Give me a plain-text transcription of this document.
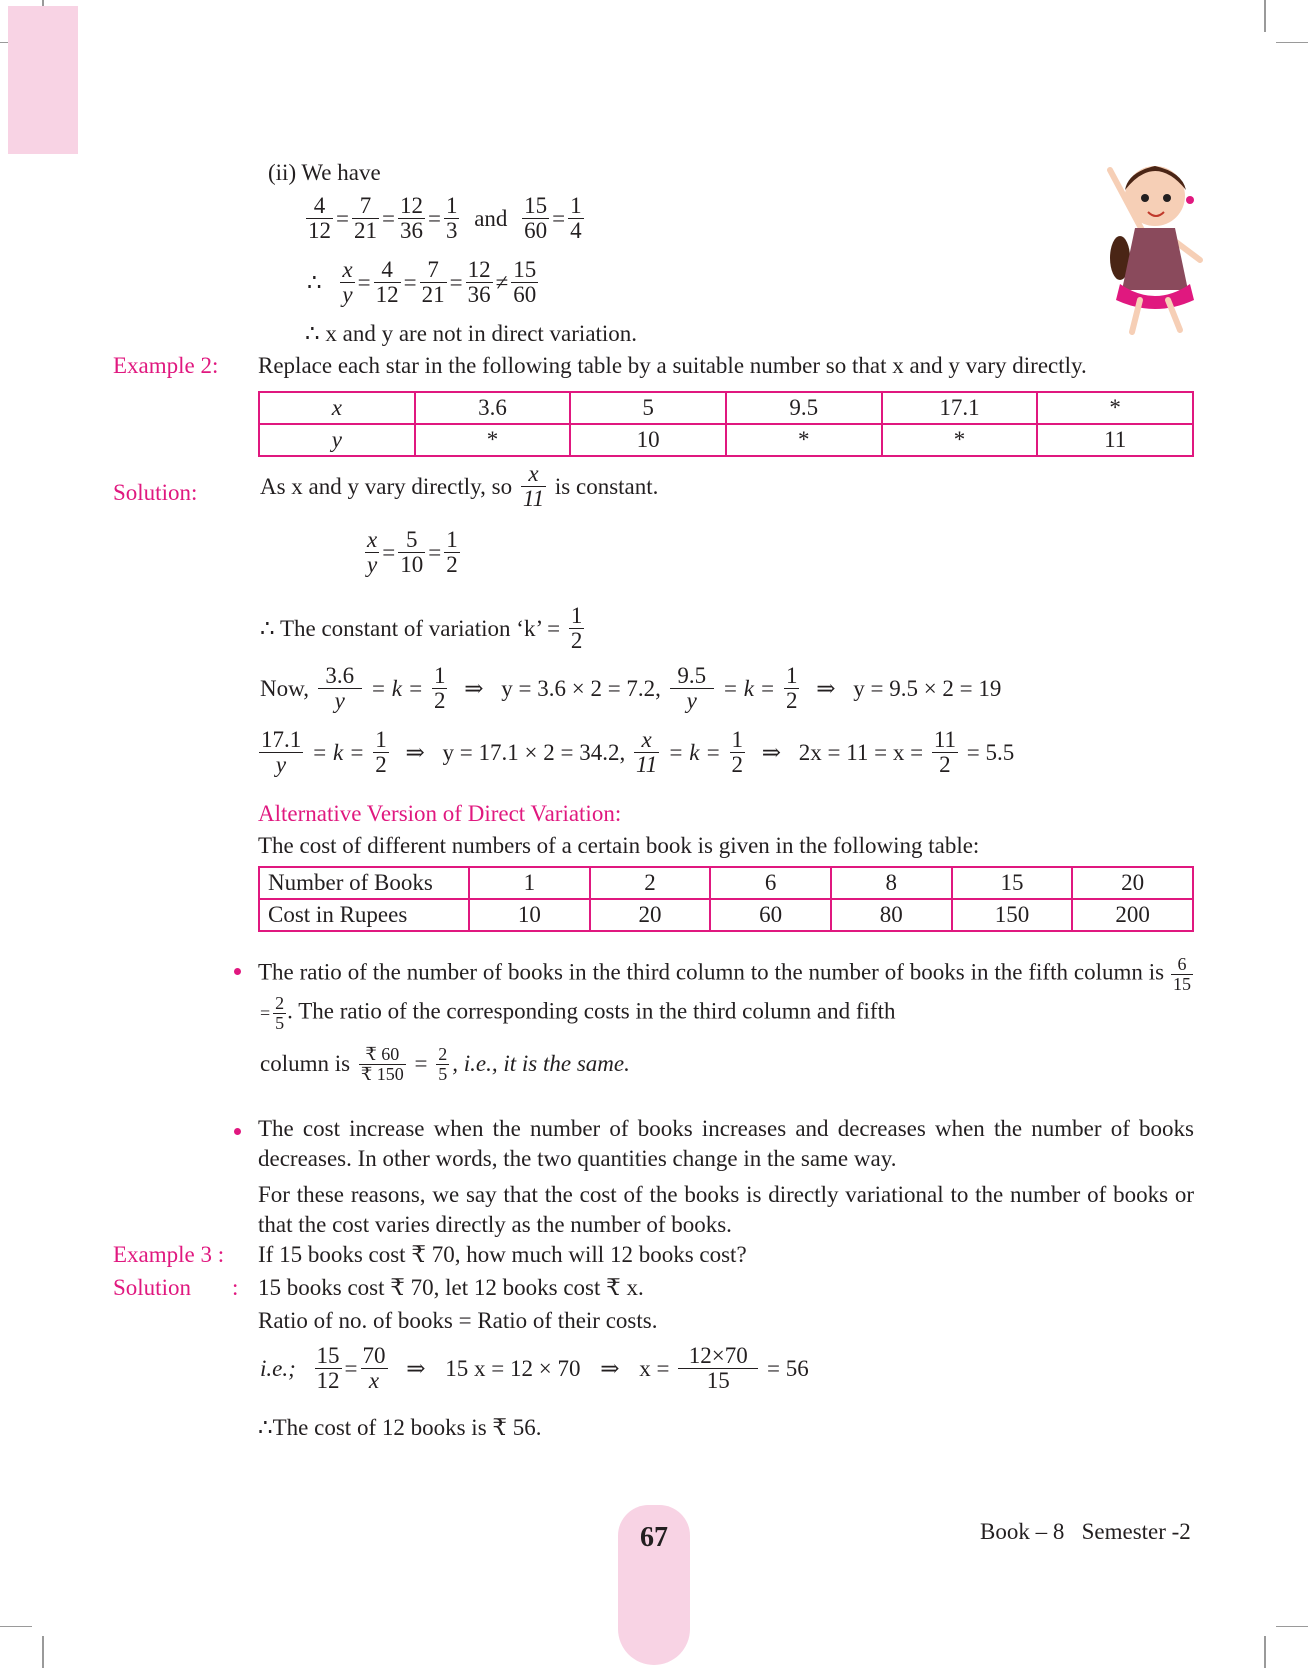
(ii) We have
$\frac{4}{12} = \frac{7}{21} = \frac{12}{36} = \frac{1}{3}$ and $\frac{15}{60} = \frac{1}{4}$
∴ $\frac{x}{y} = \frac{4}{12} = \frac{7}{21} = \frac{12}{36} \ne \frac{15}{60}$
∴ x and y are not in direct variation.
Example 2: Replace each star in the following table by a suitable number so that x and y vary directly.
x	3.6	5	9.5	17.1	*
y	*	10	*	*	11
Solution:	As x and y vary directly, so $\frac{x}{11}$ is constant.
$\frac{x}{y} = \frac{5}{10} = \frac{1}{2}$
∴ The constant of variation ‘k’ = $\frac{1}{2}$
Now, $\frac{3.6}{y} = k = \frac{1}{2}$ ⇒ y = 3.6 × 2 = 7.2, $\frac{9.5}{y} = k = \frac{1}{2}$ ⇒ y = 9.5 × 2 = 19
$\frac{17.1}{y} = k = \frac{1}{2}$ ⇒ y = 17.1 × 2 = 34.2, $\frac{x}{11} = k = \frac{1}{2}$ ⇒ $2x = 11 = x = \frac{11}{2} = 5.5$
Alternative Version of Direct Variation:
The cost of different numbers of a certain book is given in the following table:
Number of Books	1	2	6	8	15	20
Cost in Rupees	10	20	60	80	150	200
The ratio of the number of books in the third column to the number of books in the fifth column is $\frac{6}{15}$
= $\frac{2}{5}$ . The ratio of the corresponding costs in the third column and fifth
column is $\frac{₹ 60}{₹ 150} = \frac{2}{5}$ , i.e., it is the same.
The cost increase when the number of books increases and decreases when the number of books decreases. In other words, the two quantities change in the same way.
For these reasons, we say that the cost of the books is directly variational to the number of books or that the cost varies directly as the number of books.
Example 3 : If 15 books cost ₹ 70, how much will 12 books cost?
Solution : 15 books cost ₹ 70, let 12 books cost ₹ x.
Ratio of no. of books = Ratio of their costs.
i.e.; $\frac{15}{12} = \frac{70}{x}$ ⇒ 15 x = 12 × 70 ⇒ $x = \frac{12\times 70}{15} = 56$
∴The cost of 12 books is ₹ 56.
Book – 8   Semester -2
67
